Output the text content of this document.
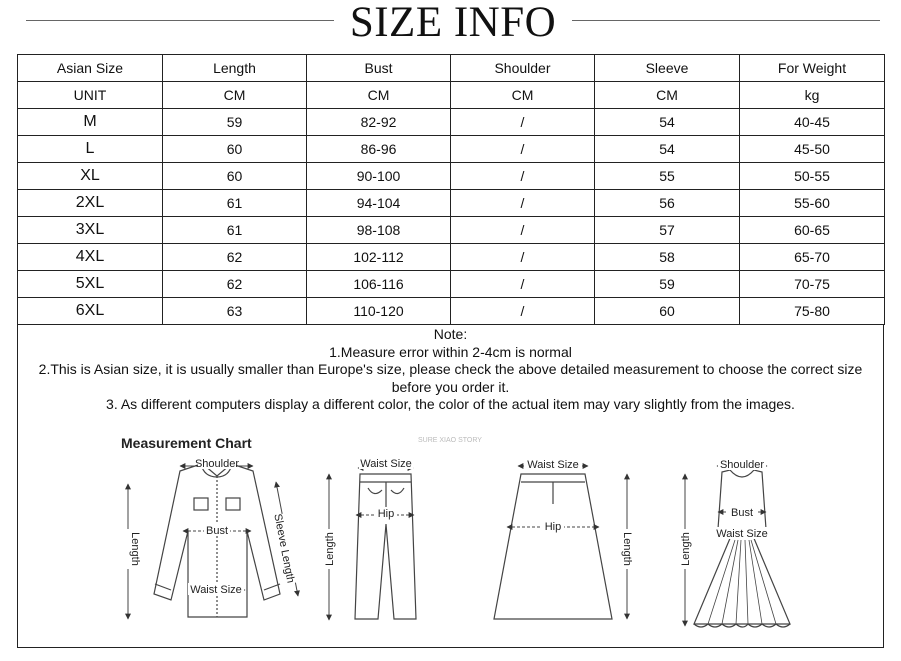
SIZE INFO
Asian Size	Length	Bust	Shoulder	Sleeve	For Weight
UNIT	CM	CM	CM	CM	kg
M	59	82-92	/	54	40-45
L	60	86-96	/	54	45-50
XL	60	90-100	/	55	50-55
2XL	61	94-104	/	56	55-60
3XL	61	98-108	/	57	60-65
4XL	62	102-112	/	58	65-70
5XL	62	106-116	/	59	70-75
6XL	63	110-120	/	60	75-80
Note:
1.Measure error within 2-4cm is normal
2.This is Asian size, it is usually smaller than Europe's size, please check the above detailed measurement to choose the correct size before you order it.
3. As different computers display a different color, the color of the actual item may vary slightly from the images.
Measurement Chart	SURE XIAO STORY
Shoulder
Bust
Waist Size
Length	Sleeve Length
Waist Size
Hip
Length
Waist Size
Hip
Length
Shoulder
Bust
Waist Size
Length
